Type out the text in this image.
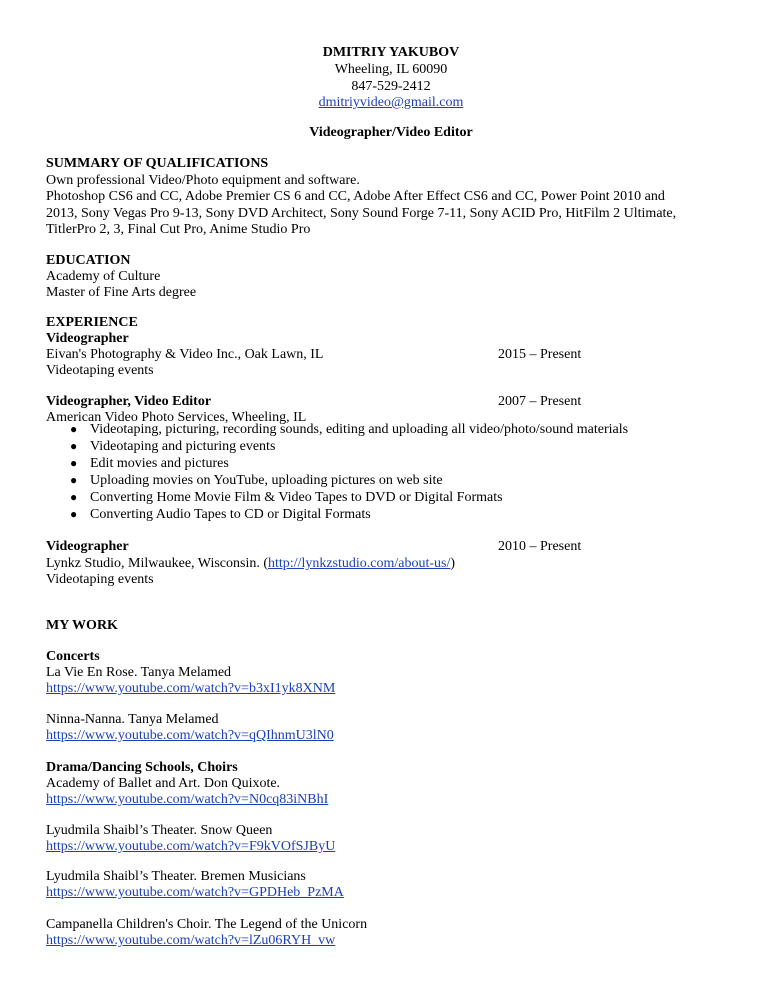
DMITRIY YAKUBOV
Wheeling, IL 60090
847-529-2412
dmitriyvideo@gmail.com
Videographer/Video Editor
SUMMARY OF QUALIFICATIONS
Own professional Video/Photo equipment and software.
Photoshop CS6 and CC, Adobe Premier CS 6 and CC, Adobe After Effect CS6 and CC, Power Point 2010 and
2013, Sony Vegas Pro 9-13, Sony DVD Architect, Sony Sound Forge 7-11, Sony ACID Pro, HitFilm 2 Ultimate,
TitlerPro 2, 3, Final Cut Pro, Anime Studio Pro
EDUCATION
Academy of Culture
Master of Fine Arts degree
EXPERIENCE
Videographer
Eivan's Photography & Video Inc., Oak Lawn, IL	2015 – Present
Videotaping events
Videographer, Video Editor	2007 – Present
American Video Photo Services, Wheeling, IL
● Videotaping, picturing, recording sounds, editing and uploading all video/photo/sound materials
● Videotaping and picturing events
● Edit movies and pictures
● Uploading movies on YouTube, uploading pictures on web site
● Converting Home Movie Film & Video Tapes to DVD or Digital Formats
● Converting Audio Tapes to CD or Digital Formats
Videographer	2010 – Present
Lynkz Studio, Milwaukee, Wisconsin. (http://lynkzstudio.com/about-us/)
Videotaping events
MY WORK
Concerts
La Vie En Rose. Tanya Melamed
https://www.youtube.com/watch?v=b3xI1yk8XNM
Ninna-Nanna. Tanya Melamed
https://www.youtube.com/watch?v=qQIhnmU3lN0
Drama/Dancing Schools, Choirs
Academy of Ballet and Art. Don Quixote.
https://www.youtube.com/watch?v=N0cq83iNBhI
Lyudmila Shaibl’s Theater. Snow Queen
https://www.youtube.com/watch?v=F9kVOfSJByU
Lyudmila Shaibl’s Theater. Bremen Musicians
https://www.youtube.com/watch?v=GPDHeb_PzMA
Campanella Children's Choir. The Legend of the Unicorn
https://www.youtube.com/watch?v=lZu06RYH_vw
